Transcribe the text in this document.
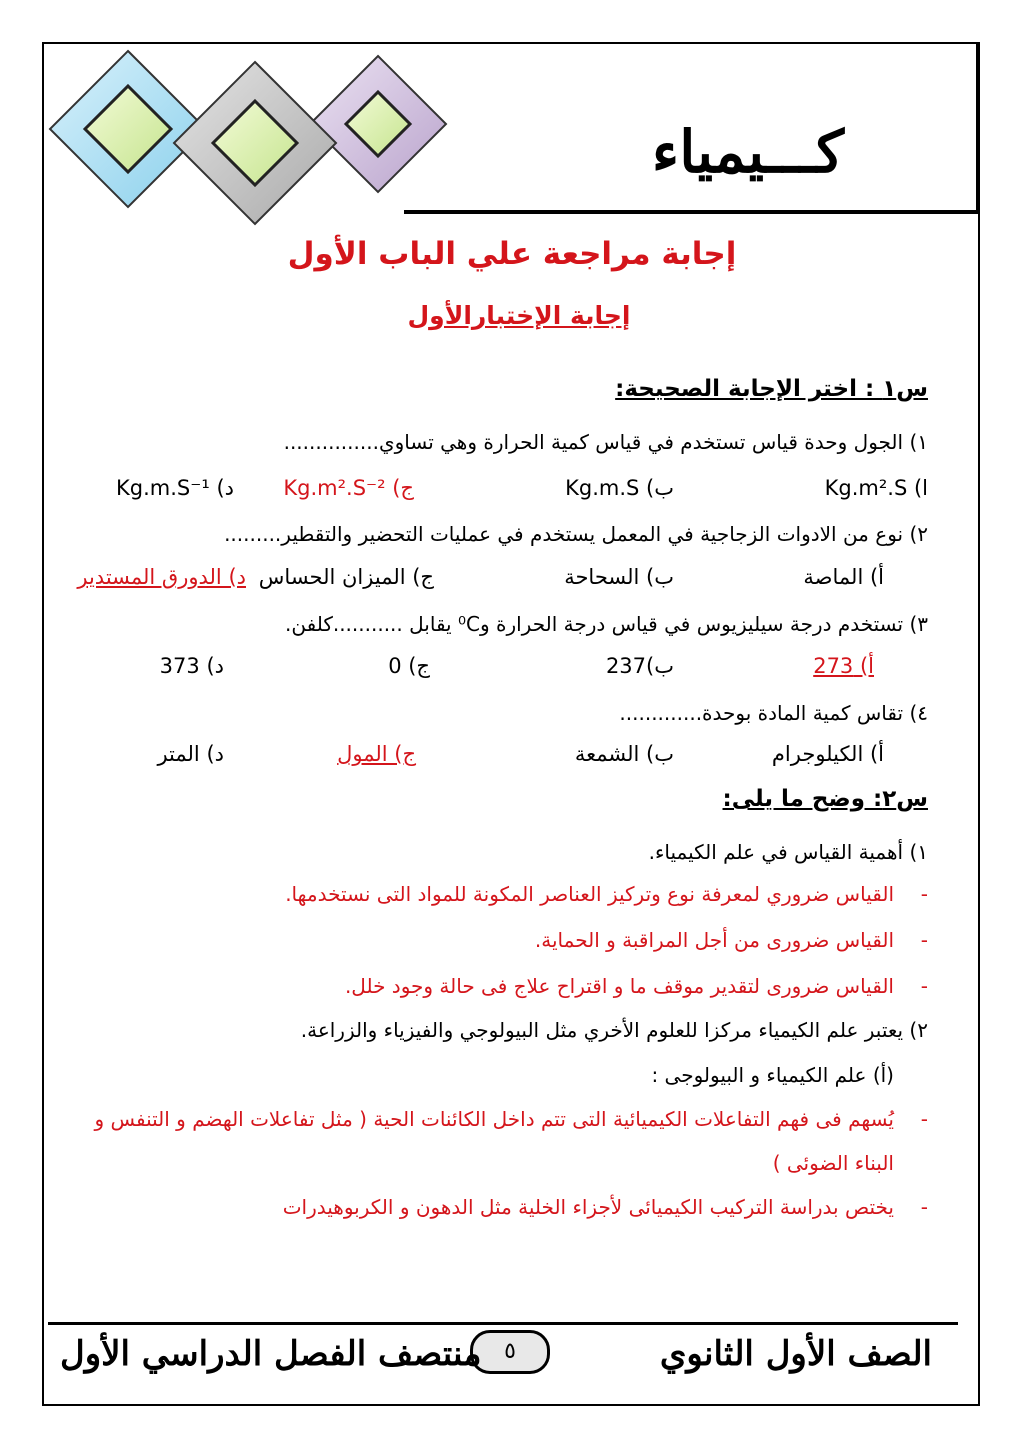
كـــيمياء
إجابة مراجعة علي الباب الأول
إجابة الإختبارالأول
س١ : اختر الإجابة الصحيحة:
١) الجول وحدة قياس تستخدم في قياس كمية الحرارة وهي تساوي...............
ا) Kg.m².S
ب) Kg.m.S
ج) Kg.m².S⁻²
د) Kg.m.S⁻¹
٢) نوع من الادوات الزجاجية في المعمل يستخدم في عمليات التحضير والتقطير.........
أ) الماصة
ب) السحاحة
ج) الميزان الحساس
د) الدورق المستدير
٣) تستخدم درجة سيليزيوس في قياس درجة الحرارة و⁰C يقابل ...........كلفن.
أ) 273
ب)237
ج) 0
د) 373
٤) تقاس كمية المادة بوحدة.............
أ) الكيلوجرام
ب) الشمعة
ج) المول
د) المتر
س٢: وضح ما يلى:
١) أهمية القياس في علم الكيمياء.
-
القياس ضروري لمعرفة نوع وتركيز العناصر المكونة للمواد التى نستخدمها.
-
القياس ضرورى من أجل المراقبة و الحماية.
-
القياس ضرورى لتقدير موقف ما و اقتراح علاج فى حالة وجود خلل.
٢) يعتبر علم الكيمياء مركزا للعلوم الأخري مثل البيولوجي والفيزياء والزراعة.
(أ) علم الكيمياء و البيولوجى :
-
يُسهم فى فهم التفاعلات الكيميائية التى تتم داخل الكائنات الحية ( مثل تفاعلات الهضم و التنفس و
البناء الضوئى )
-
يختص بدراسة التركيب الكيميائى لأجزاء الخلية مثل الدهون و الكربوهيدرات
الصف الأول الثانوي
٥
منتصف الفصل الدراسي الأول
